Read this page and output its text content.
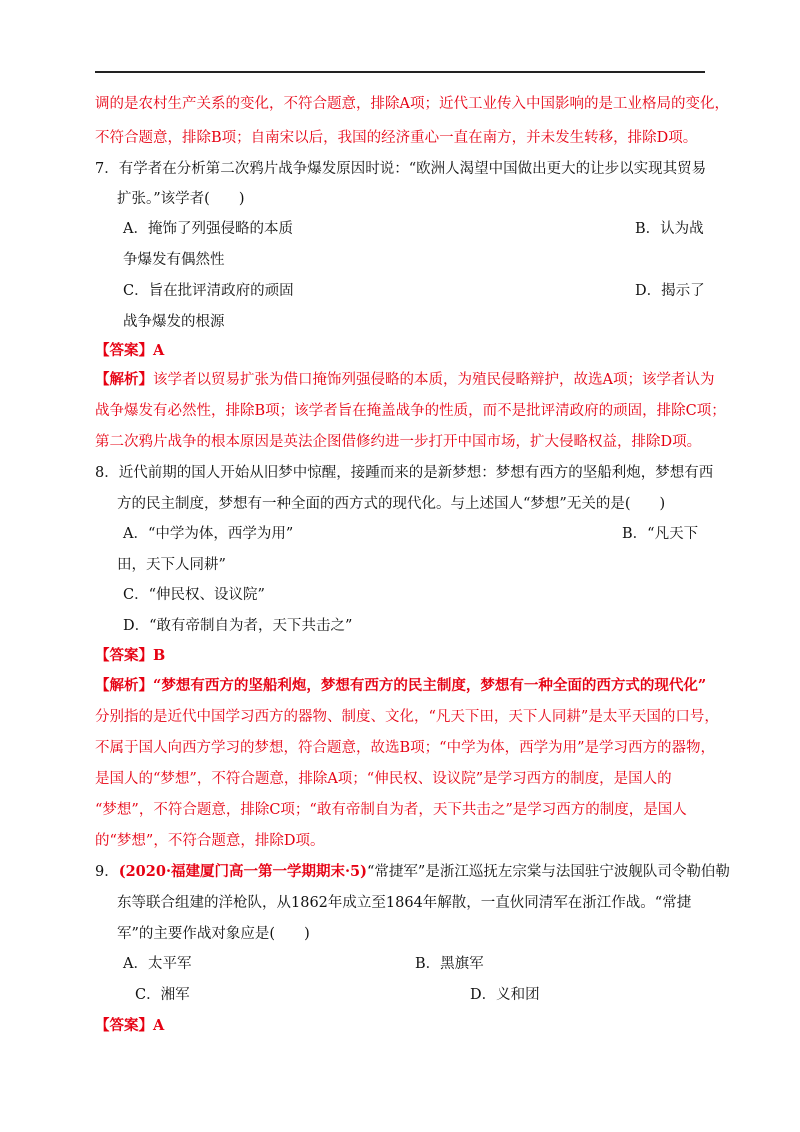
调的是农村生产关系的变化，不符合题意，排除A项；近代工业传入中国影响的是工业格局的变化，
不符合题意，排除B项；自南宋以后，我国的经济重心一直在南方，并未发生转移，排除D项。
7．有学者在分析第二次鸦片战争爆发原因时说：“欧洲人渴望中国做出更大的让步以实现其贸易
扩张。”该学者(　　)
A．掩饰了列强侵略的本质	B．认为战
争爆发有偶然性
C．旨在批评清政府的顽固	D．揭示了
战争爆发的根源
【答案】A
【解析】该学者以贸易扩张为借口掩饰列强侵略的本质，为殖民侵略辩护，故选A项；该学者认为
战争爆发有必然性，排除B项；该学者旨在掩盖战争的性质，而不是批评清政府的顽固，排除C项；
第二次鸦片战争的根本原因是英法企图借修约进一步打开中国市场，扩大侵略权益，排除D项。
8．近代前期的国人开始从旧梦中惊醒，接踵而来的是新梦想：梦想有西方的坚船利炮，梦想有西
方的民主制度，梦想有一种全面的西方式的现代化。与上述国人“梦想”无关的是(　　)
A．“中学为体，西学为用”	B．“凡天下
田，天下人同耕”
C．“伸民权、设议院”
D．“敢有帝制自为者，天下共击之”
【答案】B
【解析】“梦想有西方的坚船利炮，梦想有西方的民主制度，梦想有一种全面的西方式的现代化”
分别指的是近代中国学习西方的器物、制度、文化，“凡天下田，天下人同耕”是太平天国的口号，
不属于国人向西方学习的梦想，符合题意，故选B项；“中学为体，西学为用”是学习西方的器物，
是国人的“梦想”，不符合题意，排除A项；“伸民权、设议院”是学习西方的制度，是国人的
“梦想”，不符合题意，排除C项；“敢有帝制自为者，天下共击之”是学习西方的制度，是国人
的“梦想”，不符合题意，排除D项。
9．(2020·福建厦门高一第一学期期末·5)“常捷军”是浙江巡抚左宗棠与法国驻宁波舰队司令勒伯勒
东等联合组建的洋枪队，从1862年成立至1864年解散，一直伙同清军在浙江作战。“常捷
军”的主要作战对象应是(　　)
A．太平军	B．黑旗军
C．湘军	D．义和团
【答案】A
